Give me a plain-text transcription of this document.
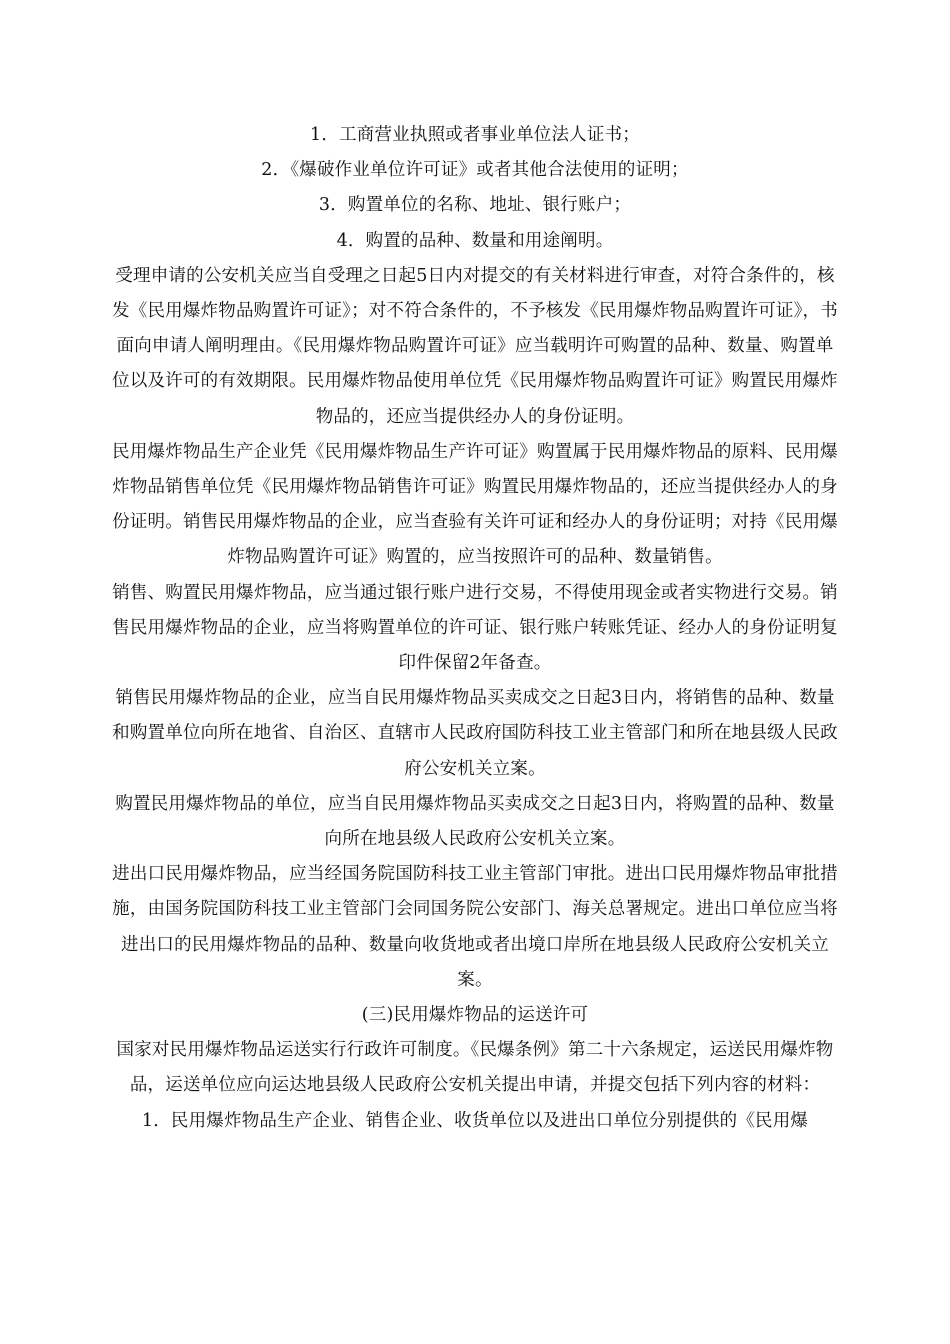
1．工商营业执照或者事业单位法人证书；

2．《爆破作业单位许可证》或者其他合法使用的证明；

3．购置单位的名称、地址、银行账户；

4．购置的品种、数量和用途阐明。

受理申请的公安机关应当自受理之日起5日内对提交的有关材料进行审查，对符合条件的，核发《民用爆炸物品购置许可证》；对不符合条件的，不予核发《民用爆炸物品购置许可证》，书面向申请人阐明理由。《民用爆炸物品购置许可证》应当载明许可购置的品种、数量、购置单位以及许可的有效期限。民用爆炸物品使用单位凭《民用爆炸物品购置许可证》购置民用爆炸物品的，还应当提供经办人的身份证明。

民用爆炸物品生产企业凭《民用爆炸物品生产许可证》购置属于民用爆炸物品的原料、民用爆炸物品销售单位凭《民用爆炸物品销售许可证》购置民用爆炸物品的，还应当提供经办人的身份证明。销售民用爆炸物品的企业，应当查验有关许可证和经办人的身份证明；对持《民用爆炸物品购置许可证》购置的，应当按照许可的品种、数量销售。

销售、购置民用爆炸物品，应当通过银行账户进行交易，不得使用现金或者实物进行交易。销售民用爆炸物品的企业，应当将购置单位的许可证、银行账户转账凭证、经办人的身份证明复印件保留2年备查。

销售民用爆炸物品的企业，应当自民用爆炸物品买卖成交之日起3日内，将销售的品种、数量和购置单位向所在地省、自治区、直辖市人民政府国防科技工业主管部门和所在地县级人民政府公安机关立案。

购置民用爆炸物品的单位，应当自民用爆炸物品买卖成交之日起3日内，将购置的品种、数量向所在地县级人民政府公安机关立案。

进出口民用爆炸物品，应当经国务院国防科技工业主管部门审批。进出口民用爆炸物品审批措施，由国务院国防科技工业主管部门会同国务院公安部门、海关总署规定。进出口单位应当将进出口的民用爆炸物品的品种、数量向收货地或者出境口岸所在地县级人民政府公安机关立案。

(三)民用爆炸物品的运送许可

国家对民用爆炸物品运送实行行政许可制度。《民爆条例》第二十六条规定，运送民用爆炸物品，运送单位应向运达地县级人民政府公安机关提出申请，并提交包括下列内容的材料：

1．民用爆炸物品生产企业、销售企业、收货单位以及进出口单位分别提供的《民用爆
